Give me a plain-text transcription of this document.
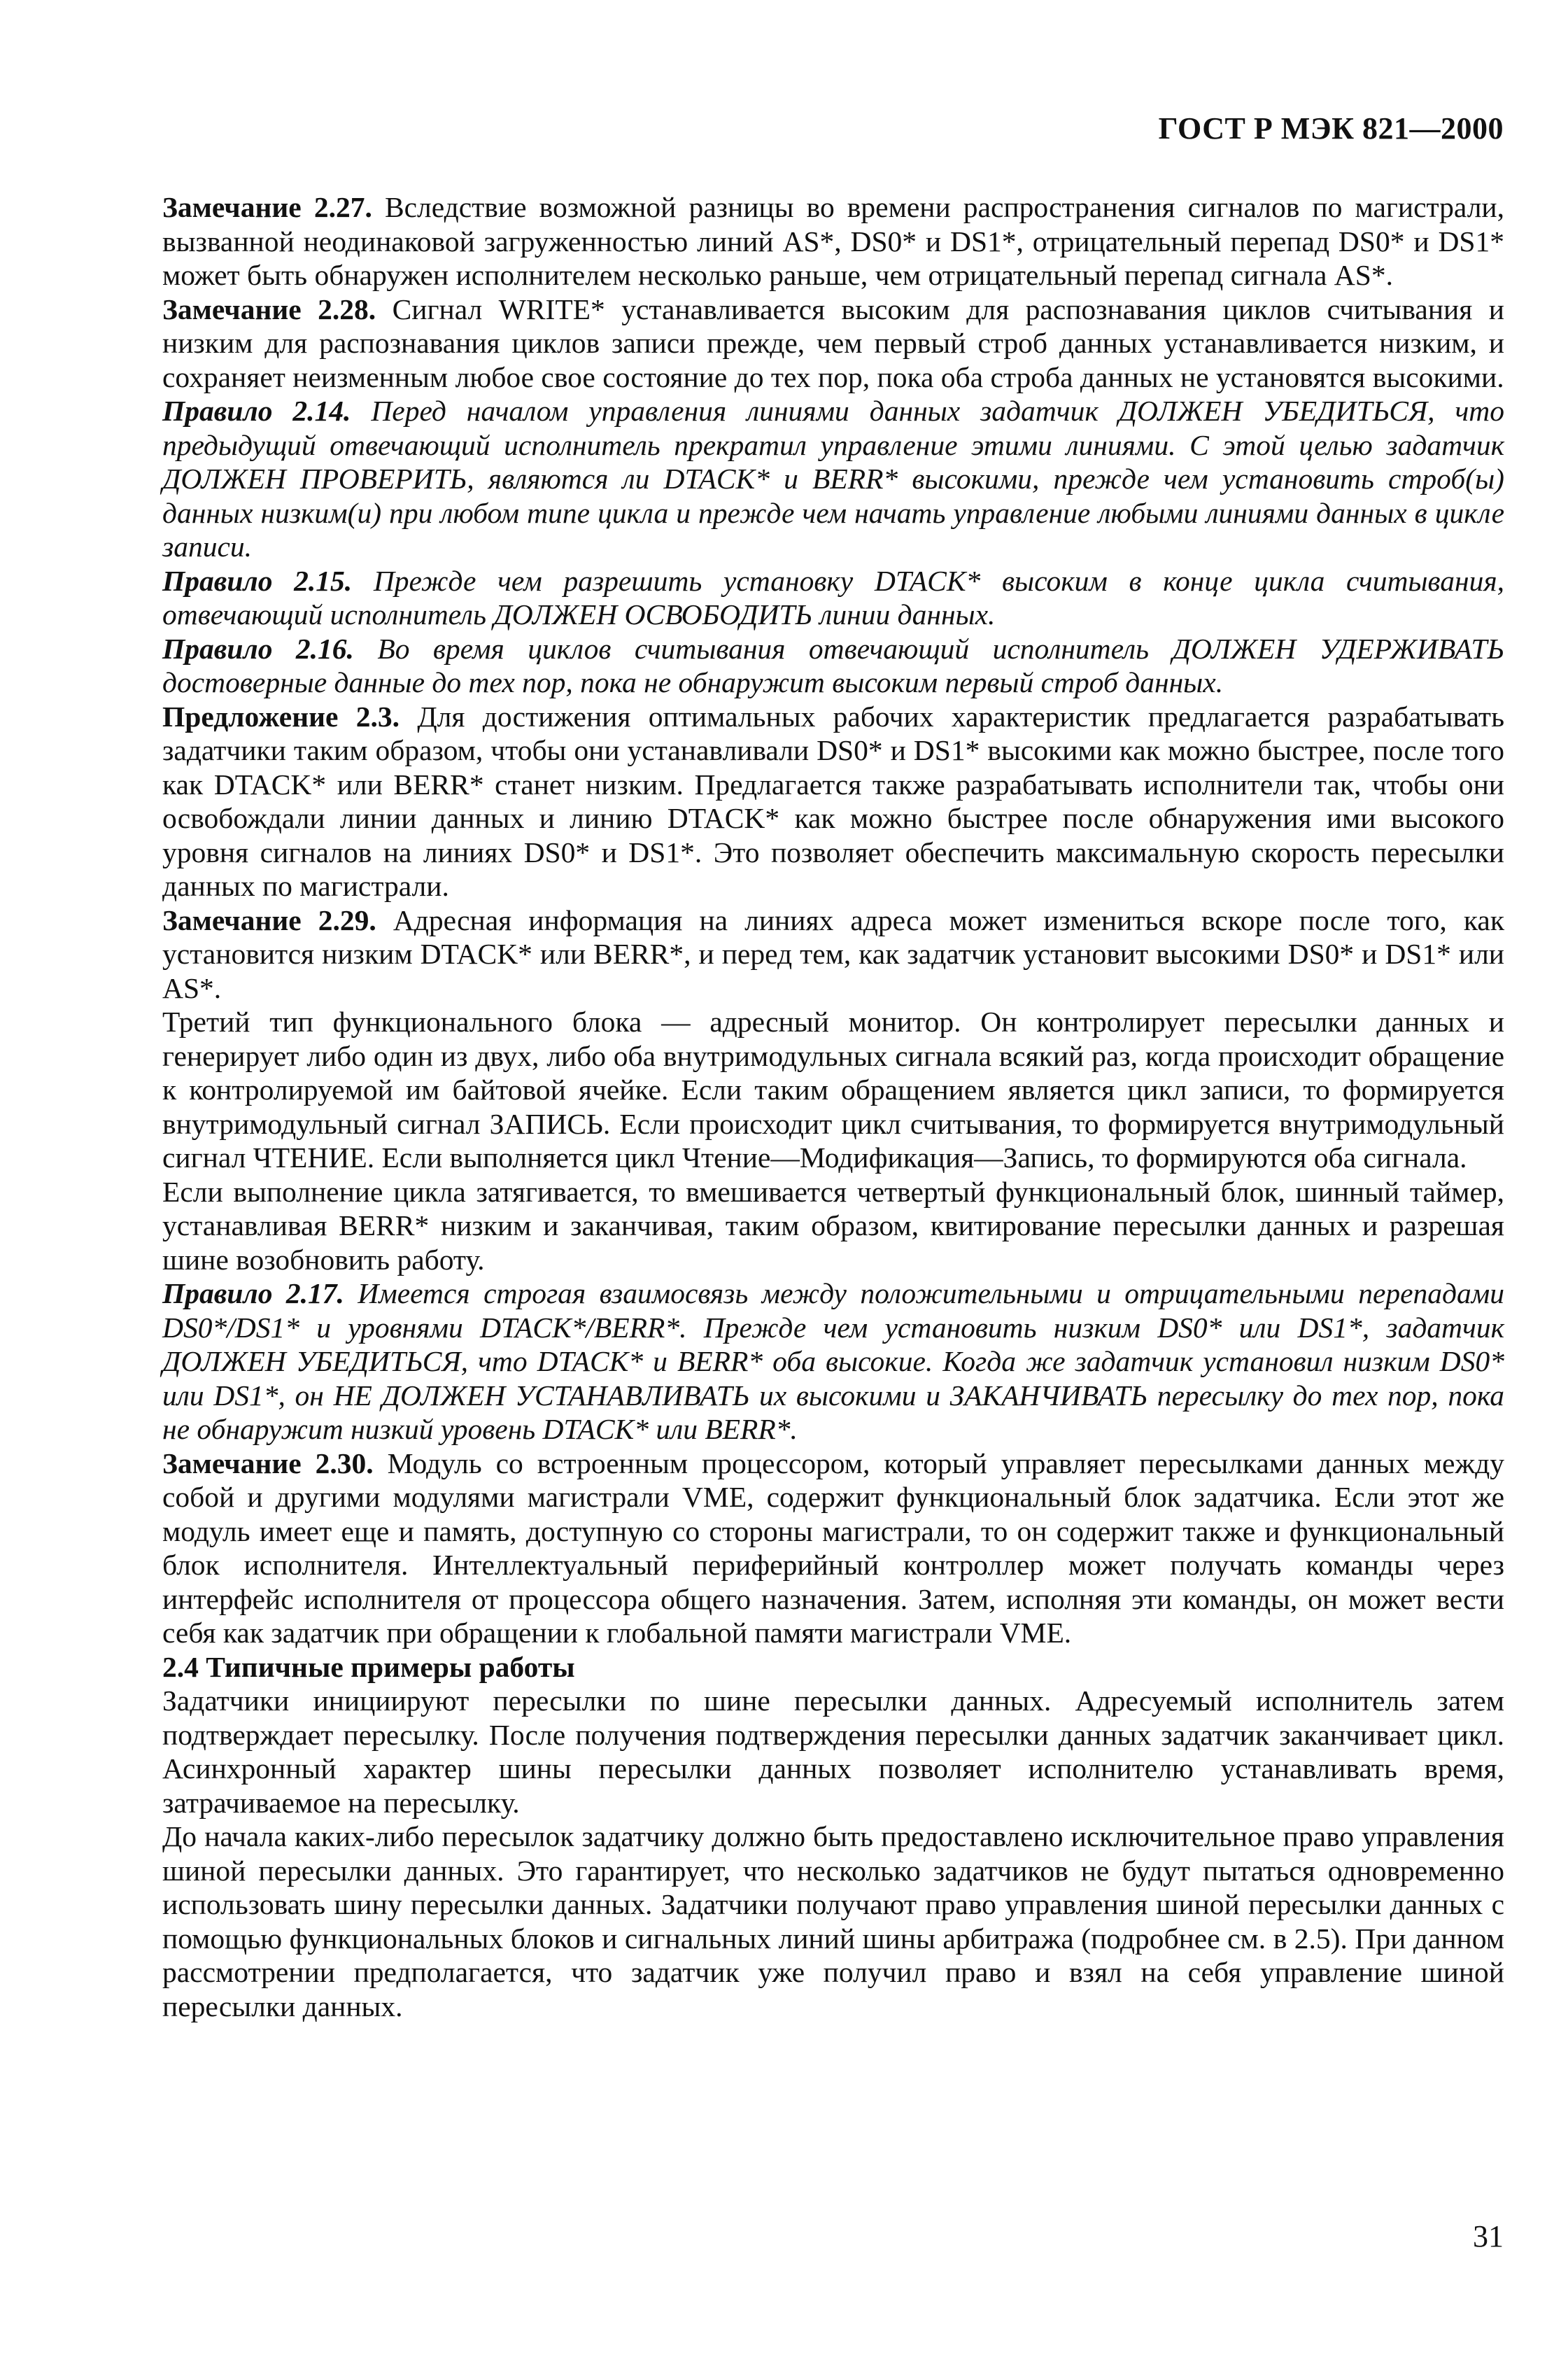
ГОСТ Р МЭК 821—2000

Замечание 2.27. Вследствие возможной разницы во времени распространения сигналов по магистрали, вызванной неодинаковой загруженностью линий AS*, DS0* и DS1*, отрицательный перепад DS0* и DS1* может быть обнаружен исполнителем несколько раньше, чем отрицательный перепад сигнала AS*.

Замечание 2.28. Сигнал WRITE* устанавливается высоким для распознавания циклов считывания и низким для распознавания циклов записи прежде, чем первый строб данных устанавливается низким, и сохраняет неизменным любое свое состояние до тех пор, пока оба строба данных не установятся высокими.

Правило 2.14. Перед началом управления линиями данных задатчик ДОЛЖЕН УБЕДИТЬСЯ, что предыдущий отвечающий исполнитель прекратил управление этими линиями. С этой целью задатчик ДОЛЖЕН ПРОВЕРИТЬ, являются ли DTACK* и BERR* высокими, прежде чем установить строб(ы) данных низким(и) при любом типе цикла и прежде чем начать управление любыми линиями данных в цикле записи.

Правило 2.15. Прежде чем разрешить установку DTACK* высоким в конце цикла считывания, отвечающий исполнитель ДОЛЖЕН ОСВОБОДИТЬ линии данных.

Правило 2.16. Во время циклов считывания отвечающий исполнитель ДОЛЖЕН УДЕРЖИВАТЬ достоверные данные до тех пор, пока не обнаружит высоким первый строб данных.

Предложение 2.3. Для достижения оптимальных рабочих характеристик предлагается разрабатывать задатчики таким образом, чтобы они устанавливали DS0* и DS1* высокими как можно быстрее, после того как DTACK* или BERR* станет низким. Предлагается также разрабатывать исполнители так, чтобы они освобождали линии данных и линию DTACK* как можно быстрее после обнаружения ими высокого уровня сигналов на линиях DS0* и DS1*. Это позволяет обеспечить максимальную скорость пересылки данных по магистрали.

Замечание 2.29. Адресная информация на линиях адреса может измениться вскоре после того, как установится низким DTACK* или BERR*, и перед тем, как задатчик установит высокими DS0* и DS1* или AS*.

Третий тип функционального блока — адресный монитор. Он контролирует пересылки данных и генерирует либо один из двух, либо оба внутримодульных сигнала всякий раз, когда происходит обращение к контролируемой им байтовой ячейке. Если таким обращением является цикл записи, то формируется внутримодульный сигнал ЗАПИСЬ. Если происходит цикл считывания, то формируется внутримодульный сигнал ЧТЕНИЕ. Если выполняется цикл Чтение—Модификация—Запись, то формируются оба сигнала.

Если выполнение цикла затягивается, то вмешивается четвертый функциональный блок, шинный таймер, устанавливая BERR* низким и заканчивая, таким образом, квитирование пересылки данных и разрешая шине возобновить работу.

Правило 2.17. Имеется строгая взаимосвязь между положительными и отрицательными перепадами DS0*/DS1* и уровнями DTACK*/BERR*. Прежде чем установить низким DS0* или DS1*, задатчик ДОЛЖЕН УБЕДИТЬСЯ, что DTACK* и BERR* оба высокие. Когда же задатчик установил низким DS0* или DS1*, он НЕ ДОЛЖЕН УСТАНАВЛИВАТЬ их высокими и ЗАКАНЧИВАТЬ пересылку до тех пор, пока не обнаружит низкий уровень DTACK* или BERR*.

Замечание 2.30. Модуль со встроенным процессором, который управляет пересылками данных между собой и другими модулями магистрали VME, содержит функциональный блок задатчика. Если этот же модуль имеет еще и память, доступную со стороны магистрали, то он содержит также и функциональный блок исполнителя. Интеллектуальный периферийный контроллер может получать команды через интерфейс исполнителя от процессора общего назначения. Затем, исполняя эти команды, он может вести себя как задатчик при обращении к глобальной памяти магистрали VME.

2.4 Типичные примеры работы

Задатчики инициируют пересылки по шине пересылки данных. Адресуемый исполнитель затем подтверждает пересылку. После получения подтверждения пересылки данных задатчик заканчивает цикл. Асинхронный характер шины пересылки данных позволяет исполнителю устанавливать время, затрачиваемое на пересылку.

До начала каких-либо пересылок задатчику должно быть предоставлено исключительное право управления шиной пересылки данных. Это гарантирует, что несколько задатчиков не будут пытаться одновременно использовать шину пересылки данных. Задатчики получают право управления шиной пересылки данных с помощью функциональных блоков и сигнальных линий шины арбитража (подробнее см. в 2.5). При данном рассмотрении предполагается, что задатчик уже получил право и взял на себя управление шиной пересылки данных.

31
